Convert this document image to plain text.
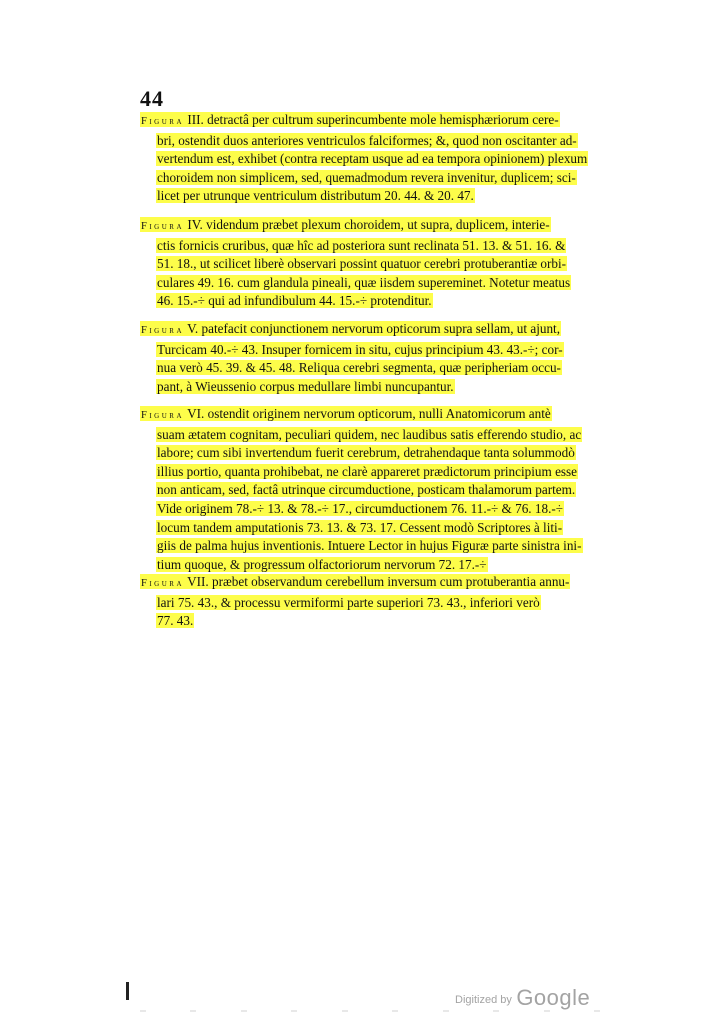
44
Figura III. detractâ per cultrum superincumbente mole hemisphæriorum cere-
bri, ostendit duos anteriores ventriculos falciformes; &, quod non oscitanter ad-
vertendum est, exhibet (contra receptam usque ad ea tempora opinionem) plexum
choroidem non simplicem, sed, quemadmodum revera invenitur, duplicem; sci-
licet per utrunque ventriculum distributum 20. 44. & 20. 47.
Figura IV. videndum præbet plexum choroidem, ut supra, duplicem, interie-
ctis fornicis cruribus, quæ hîc ad posteriora sunt reclinata 51. 13. & 51. 16. &
51. 18., ut scilicet liberè observari possint quatuor cerebri protuberantiæ orbi-
culares 49. 16. cum glandula pineali, quæ iisdem supereminet. Notetur meatus
46. 15.-÷ qui ad infundibulum 44. 15.-÷ protenditur.
Figura V. patefacit conjunctionem nervorum opticorum supra sellam, ut ajunt,
Turcicam 40.-÷ 43. Insuper fornicem in situ, cujus principium 43. 43.-÷; cor-
nua verò 45. 39. & 45. 48. Reliqua cerebri segmenta, quæ peripheriam occu-
pant, à Wieussenio corpus medullare limbi nuncupantur.
Figura VI. ostendit originem nervorum opticorum, nulli Anatomicorum antè
suam ætatem cognitam, peculiari quidem, nec laudibus satis efferendo studio, ac
labore; cum sibi invertendum fuerit cerebrum, detrahendaque tanta solummodò
illius portio, quanta prohibebat, ne clarè appareret prædictorum principium esse
non anticam, sed, factâ utrinque circumductione, posticam thalamorum partem.
Vide originem 78.-÷ 13. & 78.-÷ 17., circumductionem 76. 11.-÷ & 76. 18.-÷
locum tandem amputationis 73. 13. & 73. 17. Cessent modò Scriptores à liti-
giis de palma hujus inventionis. Intuere Lector in hujus Figuræ parte sinistra ini-
tium quoque, & progressum olfactoriorum nervorum 72. 17.-÷
Figura VII. præbet observandum cerebellum inversum cum protuberantia annu-
lari 75. 43., & processu vermiformi parte superiori 73. 43., inferiori verò
77. 43.
Digitized by Google
